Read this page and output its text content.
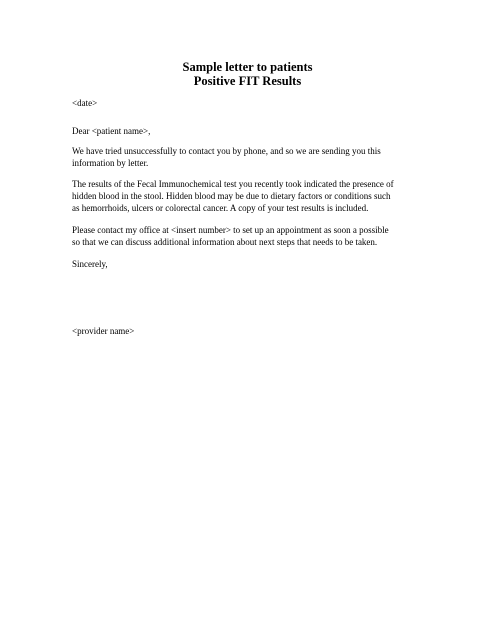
Sample letter to patients
Positive FIT Results
<date>
Dear <patient name>,
We have tried unsuccessfully to contact you by phone, and so we are sending you this
information by letter.
The results of the Fecal Immunochemical test you recently took indicated the presence of
hidden blood in the stool. Hidden blood may be due to dietary factors or conditions such
as hemorrhoids, ulcers or colorectal cancer. A copy of your test results is included.
Please contact my office at <insert number> to set up an appointment as soon a possible
so that we can discuss additional information about next steps that needs to be taken.
Sincerely,
<provider name>
